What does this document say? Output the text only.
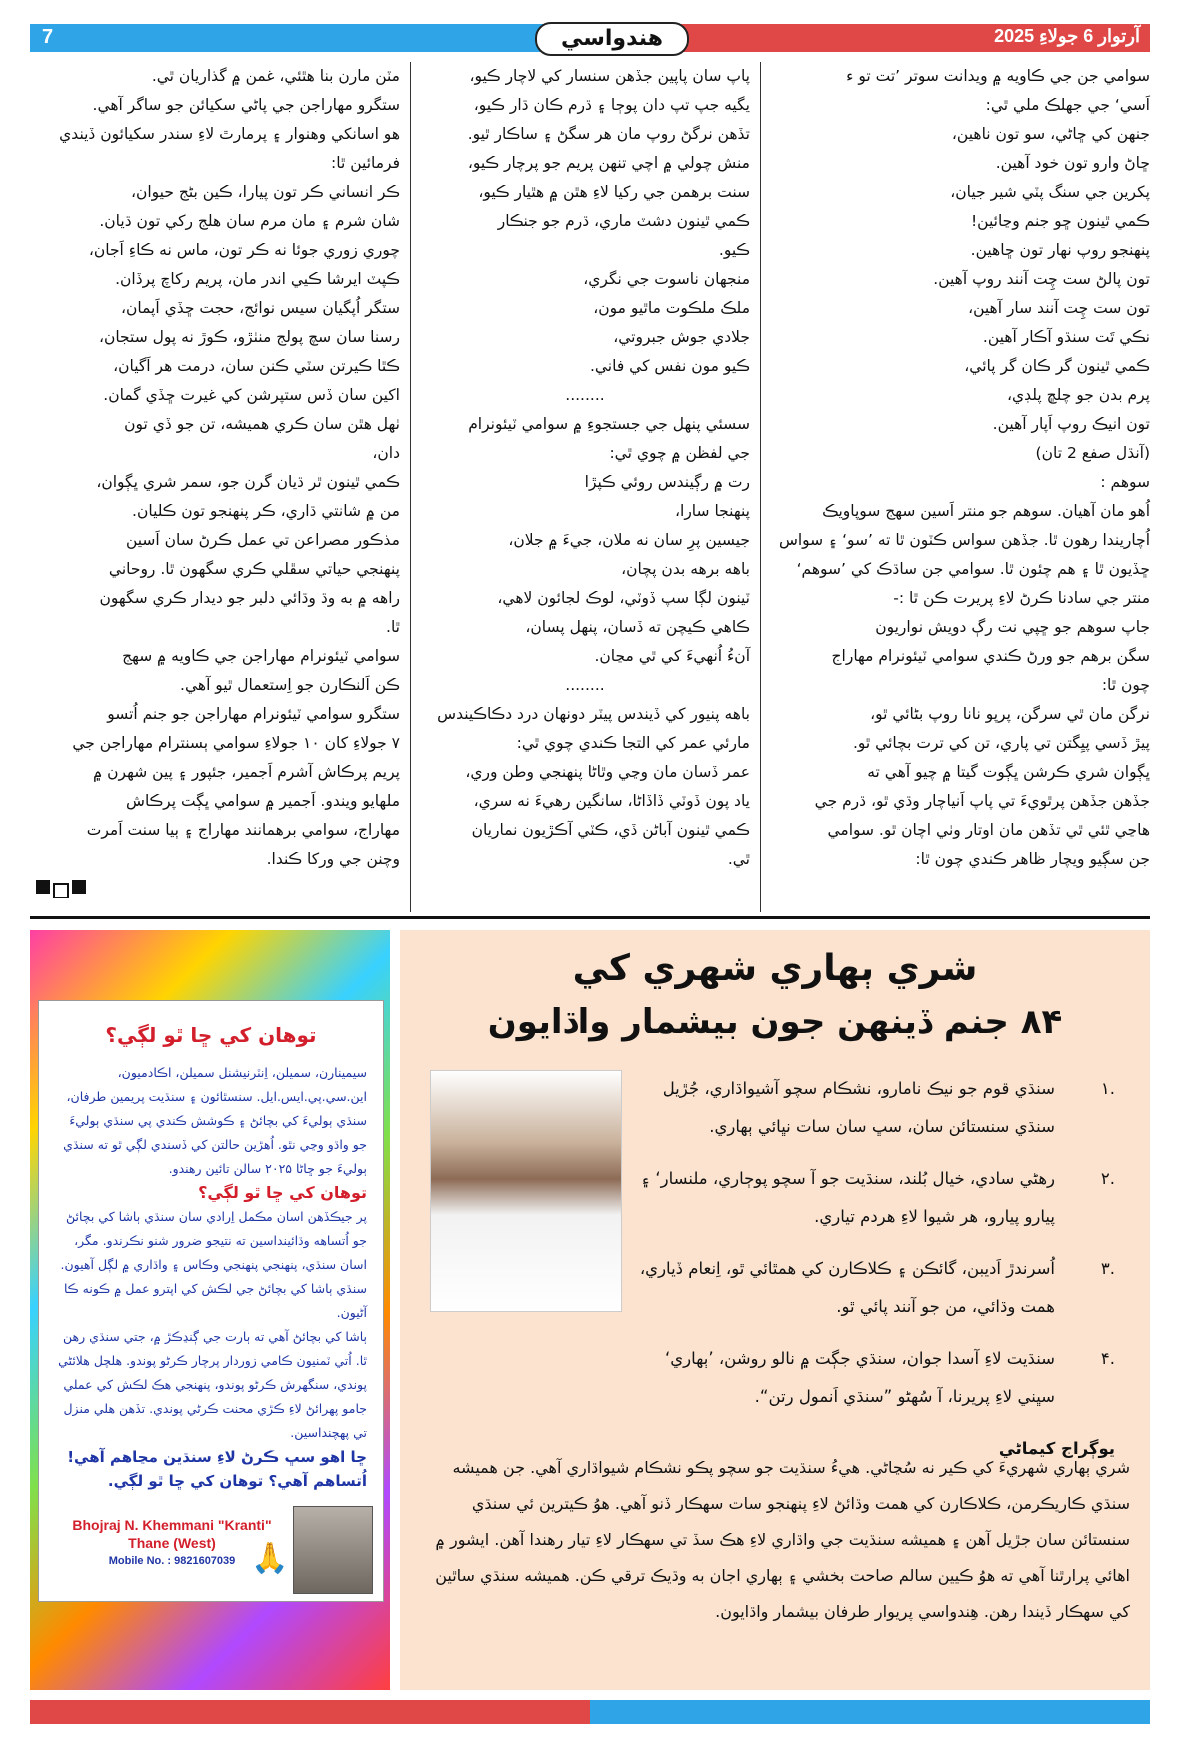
7	هندواسي	آرتوار 6 جولاءِ 2025

سوامي جن جي ڪاويه ۾ ويدانت سوتر ’تت تو ء

اَسي‘ جي جهلڪ ملي ٿي:

جنهن کي ڇاڻي، سو تون ناهين،

ڇاڻ وارو تون خود آهين.

پکرين جي سنگ پٽي شير جيان،

ڪمي ٿينون ڇو جنم وڃائين!

پنهنجو روپ نهار تون ڇاهين.

تون پالڻ ست چِت آنند روپ آهين.

تون ست چِت آنند سار آهين،

نڪي تَت سنڌو آڪار آهين.

ڪمي ٿينون گر ڪان گر پائي،

پرم بدن جو چلڇ پلڊي،

تون انيڪ روپ اَپار آهين.

(آنڌل صفع 2 تان)

سوهم :

اُهو مان آهيان. سوهم جو منتر اَسين سهج سوپاويڪ

اُچاريندا رهون ٿا. جڏهن سواس ڪٽون ٿا ته ’سو‘ ۽ سواس

ڇڏيون ٿا ۽ هم چئون ٿا. سوامي جن ساڌڪ کي ’سوهم‘

منتر جي سادنا ڪرڻ لاءِ پريرت ڪن ٿا :-

جاپ سوهم جو ڇپي نت رڳ دويش نواريون

سگن برهم جو ورڻ ڪندي سوامي ٽيئونرام مهاراج

چون ٿا:

نرگن مان ٿي سرگن، پرپو نانا روپ بڻائي ٿو،

پيڙ ڏسي پيِگتن تي پاري، تن کي ترت بچائي ٿو.

ڀڳوان شري ڪرشن ڀڳوت گيتا ۾ چيو آهي ته

جڏهن جڏهن پرٿويءَ تي پاپ اَنياچار وڌي ٿو، ڌرم جي

هاڃي ٿئي ٿي تڏهن مان اوتار وٺي اچان ٿو. سوامي

جن سڳيو ويچار ظاهر ڪندي چون ٿا:

پاپ سان پاپين جڏهن سنسار کي لاچار ڪيو،

يگيه جپ تپ دان پوڄا ۽ ڌرم ڪان ڌار ڪيو،

تڏهن نرگڻ روپ مان هر سگڻ ۽ ساڪار ٿيو.

منش چولي ۾ اچي تنهن پريم جو پرچار ڪيو،

سنت برهمن جي رکيا لاءِ هٿن ۾ هٿيار ڪيو،

ڪمي ٿينون دشٽ ماري، ڌرم جو جنڪار

ڪيو.

منجهان ناسوت جي نگري،

ملڪ ملڪوت ماٿيو مون،

جلادي جوش جبروتي،

ڪيو مون نفس کي فاني.

........

سسئي پنهل جي جستجوءِ ۾ سوامي ٽيئونرام

جي لفظن ۾ چوي ٿي:

رت ۾ رڳيندس روئي ڪپڙا

پنهنجا سارا،

جيسين پرِ سان نه ملان، جيءَ ۾ جلان،

باهه برهه بدن پچان،

ٽينون لڳا سپ ڏوٽي، لوڪ لجائون لاهي،

ڪاهي ڪيچن ته ڏسان، پنهل پسان،

آنءُ اُنهيءَ کي ٿي مڃان.

........

باهه پنيور کي ڏيندس پيٽر دونهان درد دڪاڪيندس

مارئي عمر کي التجا ڪندي چوي ٿي:

عمر ڏسان مان وڃي وٿاڻا پنهنجي وطن وري،

ياد پون ڏوٽي ڏاڏاڻا، سانگين رهيءَ نه سري،

ڪمي ٿينون آباڻن ڏي، ڪٽي آڪڙيون نماريان

ٿي.

مٽن مارن بنا هٿئي، غمن ۾ گذاريان ٿي.

ستگرو مهاراجن جي پاڻي سکيائن جو ساگر آهي.

هو اسانکي وهنوار ۽ پرمارٿ لاءِ سندر سکيائون ڏيندي

فرمائين ٿا:

ڪر انساني ڪر تون پيارا، ڪين بڻج حيوان،

شان شرم ۽ مان مرم سان هلج رکي تون ڌيان.

چوري زوري جوئا نه ڪر تون، ماس نه ڪاءِ اَجان،

ڪپٽ ايرشا ڪيي اندر مان، پريم رکاچ پرڏان.

ستگر اُپگيان سيس نوائج، حجت ڇڏي اَپمان،

رسنا سان سچ پولج منٺڙو، ڪوڙ نه پول ستجان،

ڪٿا ڪيرتن سٽي ڪنن سان، درمت هر اَگيان،

اکين سان ڏس ستپرشن کي غيرت ڇڏي گمان.

ٺهل هٿن سان ڪري هميشه، تن جو ڏي تون

دان،

ڪمي ٿينون ٿر ڌيان گرن جو، سمر شري ڀڳوان،

من ۾ شانتي ڌاري، ڪر پنهنجو تون ڪليان.

مذڪور مصراعن تي عمل ڪرڻ سان اَسين

پنهنجي حياتي سڦلي ڪري سگهون ٿا. روحاني

راهه ۾ به وڌ وڌائي دلبر جو ديدار ڪري سگهون

ٿا.

سوامي ٽيئونرام مهاراجن جي ڪاويه ۾ سهج

ڪن اَلنڪارن جو اِستعمال ٿيو آهي.

ستگرو سوامي ٽيئونرام مهاراجن جو جنم اُتسو

۷ جولاءِ کان ۱۰ جولاءِ سوامي ٻسنترام مهاراجن جي

پريم پرڪاش آشرم اَجمير، جئپور ۽ پين شهرن ۾

ملهايو ويندو. اَجمير ۾ سوامي ڀڳت پرڪاش

مهاراج، سوامي برهمانند مهاراج ۽ ٻيا سنت اَمرت

وچنن جي ورکا ڪندا.

توهان کي ڇا ٿو لڳي؟
سيمينارن، سميلن، اِنٽرنيشنل سميلن، اڪادميون، اين.سي.پي.ايس.ايل. سنسٿائون ۽ سنڌيت پريمين طرفان، سنڌي ٻوليءَ کي بچائڻ ۽ ڪوشش ڪندي پي سنڌي ٻوليءَ جو واڌو وڃي نٿو. اُهڙين حالتن کي ڏسندي لڳي ٿو ته سنڌي ٻوليءَ جو ڇاڻا ۲۰۲۵ سالن تائين رهندو.
توهان کي ڇا ٿو لڳي؟
پر جيڪڏهن اسان مڪمل اِرادي سان سنڌي ٻاشا کي بچائڻ جو اُتساهه وڌائينداسين ته نتيجو ضرور شنو نڪرندو. مگر، اسان سنڌي، پنهنجي پنهنجي وڪاس ۽ واڌاري ۾ لڳل آهيون. سنڌي ٻاشا کي بچائڻ جي لڪش کي اپترو عمل ۾ ڪونه ڪا آڻيون.
ٻاشا کي بچائڻ آهي ته ٻارت جي ڳنڍڪڙ ۾، جتي سنڌي رهن ٿا. اُتي ٽمنيون ڪامي زوردار پرچار ڪرڻو پوندو. هلچل هلائڻي پوندي، سنگهرش ڪرڻو پوندو، پنهنجي هڪ لڪش کي عملي جامو پهرائڻ لاءِ ڪڙي محنت ڪرڻي پوندي. تڏهن هلي منزل تي پهچنداسين.
ڇا اهو سڀ ڪرڻ لاءِ سنڌين مڃاهم آهي! اُتساهم آهي؟ توهان کي ڇا ٿو لڳي.
Bhojraj N. Khemmani "Kranti"
Thane (West)
Mobile No. : 9821607039 🙏
شري ٻهاري شهري کي
۸۴ جنم ڏينهن جون بيشمار واڌايون
.۱
سنڌي قوم جو نيڪ نامارو، نشڪام سچو آشيواڌاري، جُڙيل سنڌي سنستائن سان، سڀ سان سات نڀائي ٻهاري.
.۲
رهڻي سادي، خيال بُلند، سنڌيت جو آ سچو پوڄاري، ملنسار‘ ۽ پيارو پيارو، هر شيوا لاءِ هردم تياري.
.۳
اُسرندڙ اَديبن، گائڪن ۽ ڪلاڪارن کي همٿائي ٿو، اِنعام ڏياري، همت وڌائي، من جو آنند پائي ٿو.
.۴
سنڌيت لاءِ آسدا جوان، سنڌي جڳت ۾ نالو روشن، ’ٻهاري‘ سڀني لاءِ پريرنا، آ سُهڻو ”سنڌي اَنمول رتن“.
يوڳراج کيماڻي
شري ٻهاري شهريءَ کي ڪير نه سُڃاڻي. هيءُ سنڌيت جو سچو پڪو نشڪام شيواڌاري آهي. جن هميشه سنڌي ڪاريڪرمن، ڪلاڪارن کي همت وڌائڻ لاءِ پنهنجو سات سهڪار ڏنو آهي. هوُ ڪيترين ئي سنڌي سنستائن سان جڙيل آهن ۽ هميشه سنڌيت جي واڌاري لاءِ هڪ سڏ تي سهڪار لاءِ تيار رهندا آهن. ايشور ۾ اهائي پرارٿنا آهي ته هوُ ڪيين سالم صاحت بخشي ۽ ٻهاري اجان به وڌيڪ ترقي ڪن. هميشه سنڌي ساٿين کي سهڪار ڏيندا رهن. هِندواسي پريوار طرفان بيشمار واڌايون.
